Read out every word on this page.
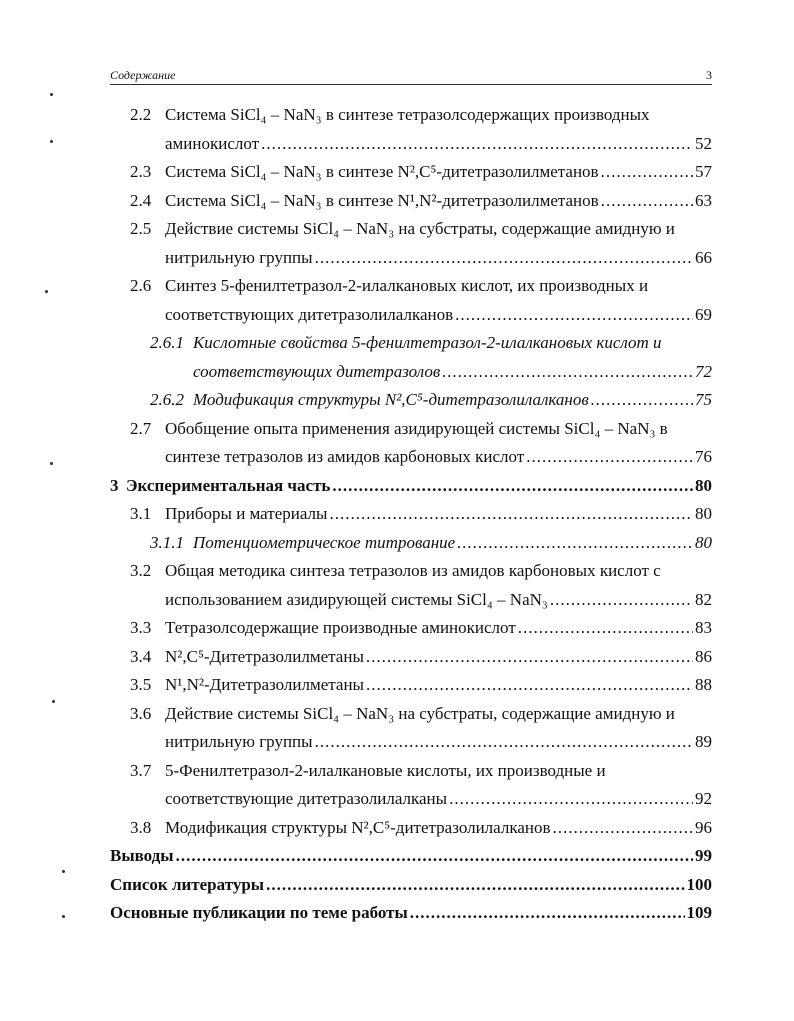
Содержание	3
2.2 Система SiCl₄ – NaN₃ в синтезе тетразолсодержащих производных
аминокислот .....	52
2.3 Система SiCl₄ – NaN₃ в синтезе N²,C⁵-дитетразолилметанов .....	57
2.4 Система SiCl₄ – NaN₃ в синтезе N¹,N²-дитетразолилметанов .....	63
2.5 Действие системы SiCl₄ – NaN₃ на субстраты, содержащие амидную и
нитрильную группы .....	66
2.6 Синтез 5-фенилтетразол-2-илалкановых кислот, их производных и
соответствующих дитетразолилалканов .....	69
2.6.1 Кислотные свойства 5-фенилтетразол-2-илалкановых кислот и
соответствующих дитетразолов .....	72
2.6.2 Модификация структуры N²,C⁵-дитетразолилалканов .....	75
2.7 Обобщение опыта применения азидирующей системы SiCl₄ – NaN₃ в
синтезе тетразолов из амидов карбоновых кислот .....	76
3 Экспериментальная часть .....	80
3.1 Приборы и материалы .....	80
3.1.1 Потенциометрическое титрование .....	80
3.2 Общая методика синтеза тетразолов из амидов карбоновых кислот с
использованием азидирующей системы SiCl₄ – NaN₃ .....	82
3.3 Тетразолсодержащие производные аминокислот .....	83
3.4 N²,C⁵-Дитетразолилметаны .....	86
3.5 N¹,N²-Дитетразолилметаны .....	88
3.6 Действие системы SiCl₄ – NaN₃ на субстраты, содержащие амидную и
нитрильную группы .....	89
3.7 5-Фенилтетразол-2-илалкановые кислоты, их производные и
соответствующие дитетразолилалканы .....	92
3.8 Модификация структуры N²,C⁵-дитетразолилалканов .....	96
Выводы .....	99
Список литературы .....	100
Основные публикации по теме работы .....	109
